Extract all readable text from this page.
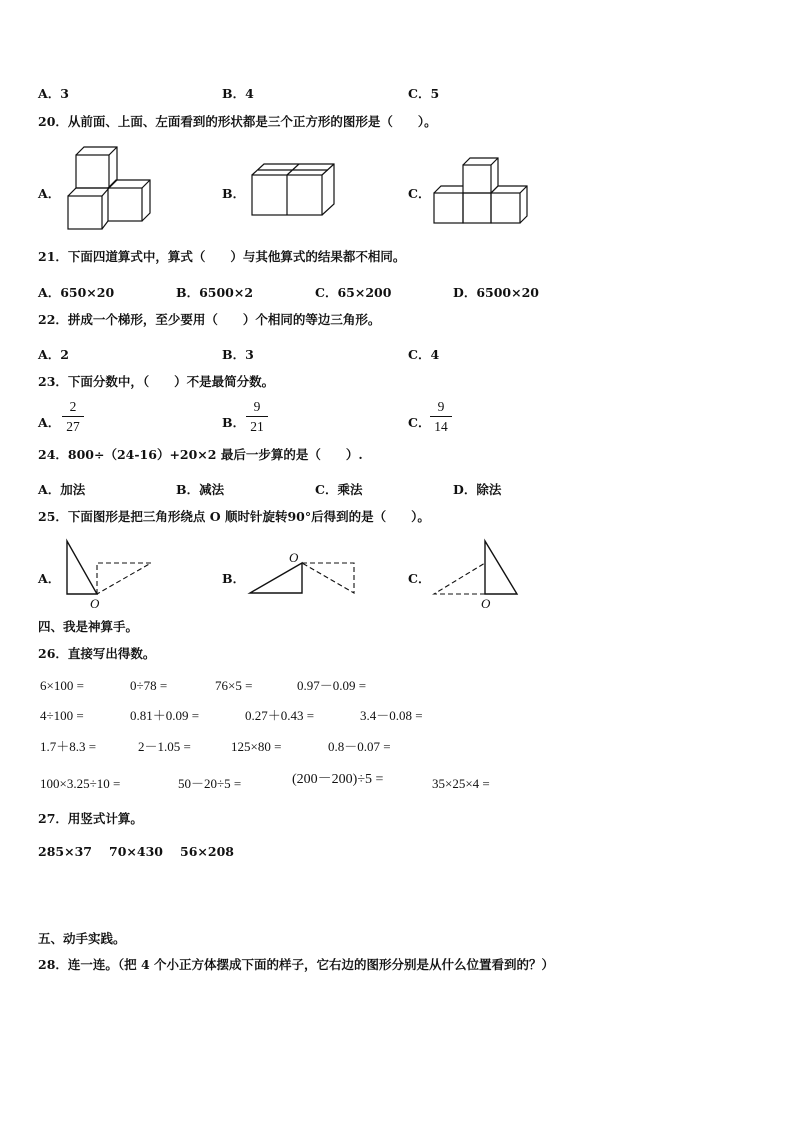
A．3	B．4	C．5
20．从前面、上面、左面看到的形状都是三个正方形的图形是（　　）。
A．	B．	C．
21．下面四道算式中，算式（　　）与其他算式的结果都不相同。
A．650×20	B．6500×2	C．65×200	D．6500×20
22．拼成一个梯形，至少要用（　　）个相同的等边三角形。
A．2	B．3	C．4
23．下面分数中，（　　）不是最简分数。
A． $\frac{2}{27}$	B． $\frac{9}{21}$	C． $\frac{9}{14}$
24．800÷（24-16）+20×2 最后一步算的是（　　）.
A．加法	B．减法	C．乘法	D．除法
25．下面图形是把三角形绕点 O 顺时针旋转90°后得到的是（　　）。
A．	B．	C．
O
O
O
四、我是神算手。
26．直接写出得数。
6×100 =	0÷78 =	76×5 =	0.97－0.09 =
4÷100 =	0.81＋0.09 =	0.27＋0.43 =	3.4－0.08 =
1.7＋8.3 =	2－1.05 =	125×80 =	0.8－0.07 =
100×3.25÷10 =	50－20÷5 =	(200－200)÷5 =	35×25×4 =
27．用竖式计算。
285×37 70×430 56×208
五、动手实践。
28．连一连。（把 4 个小正方体摆成下面的样子，它右边的图形分别是从什么位置看到的？）
